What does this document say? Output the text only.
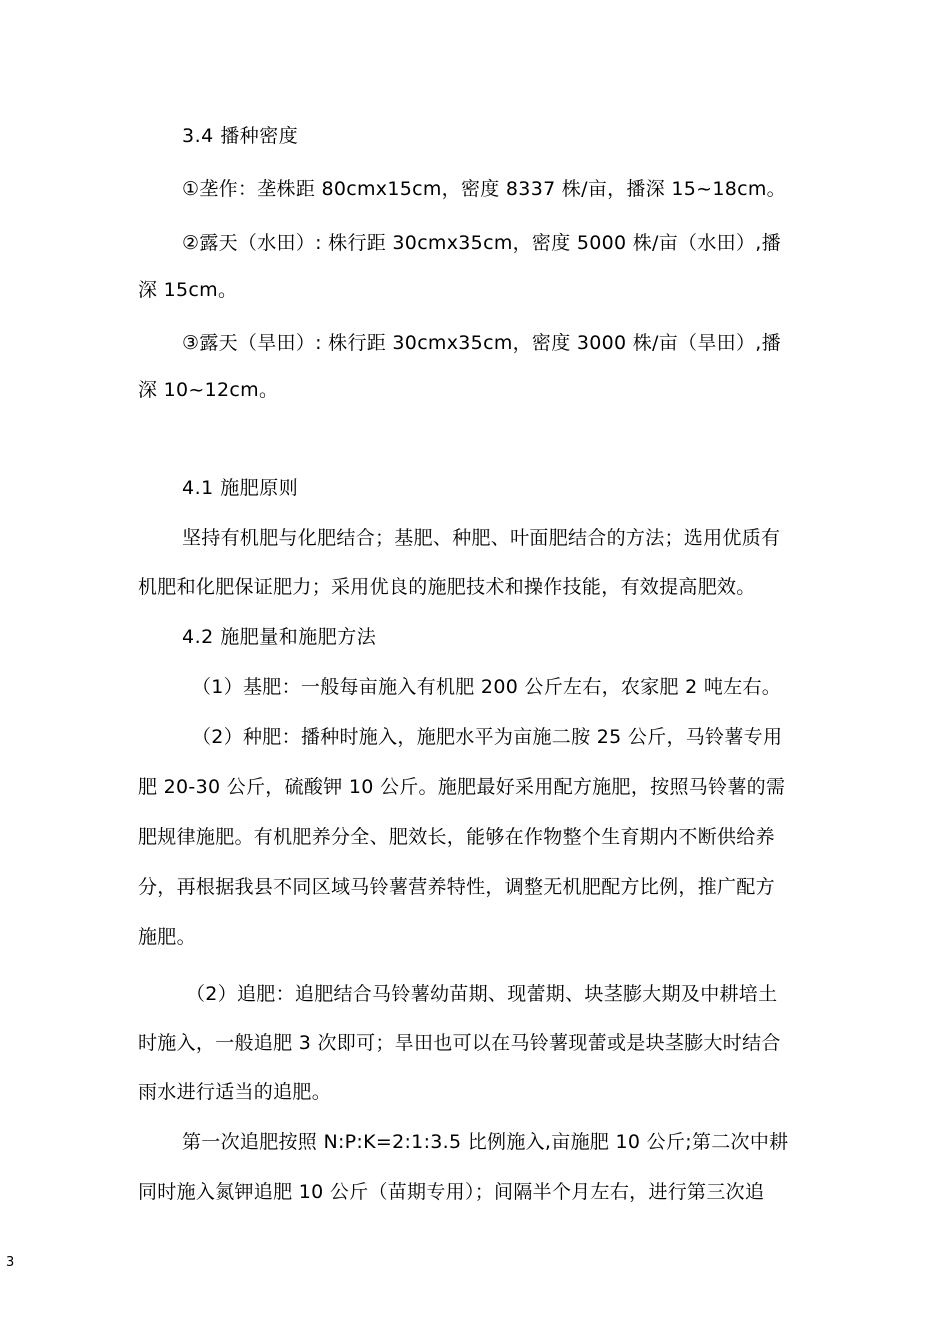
3.4 播种密度
①垄作：垄株距 80cmx15cm，密度 8337 株/亩，播深 15~18cm。
②露天（水田）: 株行距 30cmx35cm，密度 5000 株/亩（水田）,播
深 15cm。
③露天（旱田）: 株行距 30cmx35cm，密度 3000 株/亩（旱田）,播
深 10~12cm。
4.1 施肥原则
坚持有机肥与化肥结合；基肥、种肥、叶面肥结合的方法；选用优质有
机肥和化肥保证肥力；采用优良的施肥技术和操作技能，有效提高肥效。
4.2 施肥量和施肥方法
（1）基肥：一般每亩施入有机肥 200 公斤左右，农家肥 2 吨左右。
（2）种肥：播种时施入，施肥水平为亩施二胺 25 公斤，马铃薯专用
肥 20-30 公斤，硫酸钾 10 公斤。施肥最好采用配方施肥，按照马铃薯的需
肥规律施肥。有机肥养分全、肥效长，能够在作物整个生育期内不断供给养
分，再根据我县不同区域马铃薯营养特性，调整无机肥配方比例，推广配方
施肥。
（2）追肥：追肥结合马铃薯幼苗期、现蕾期、块茎膨大期及中耕培土
时施入，一般追肥 3 次即可；旱田也可以在马铃薯现蕾或是块茎膨大时结合
雨水进行适当的追肥。
第一次追肥按照 N:P:K=2:1:3.5 比例施入,亩施肥 10 公斤;第二次中耕
同时施入氮钾追肥 10 公斤（苗期专用）；间隔半个月左右，进行第三次追
3
